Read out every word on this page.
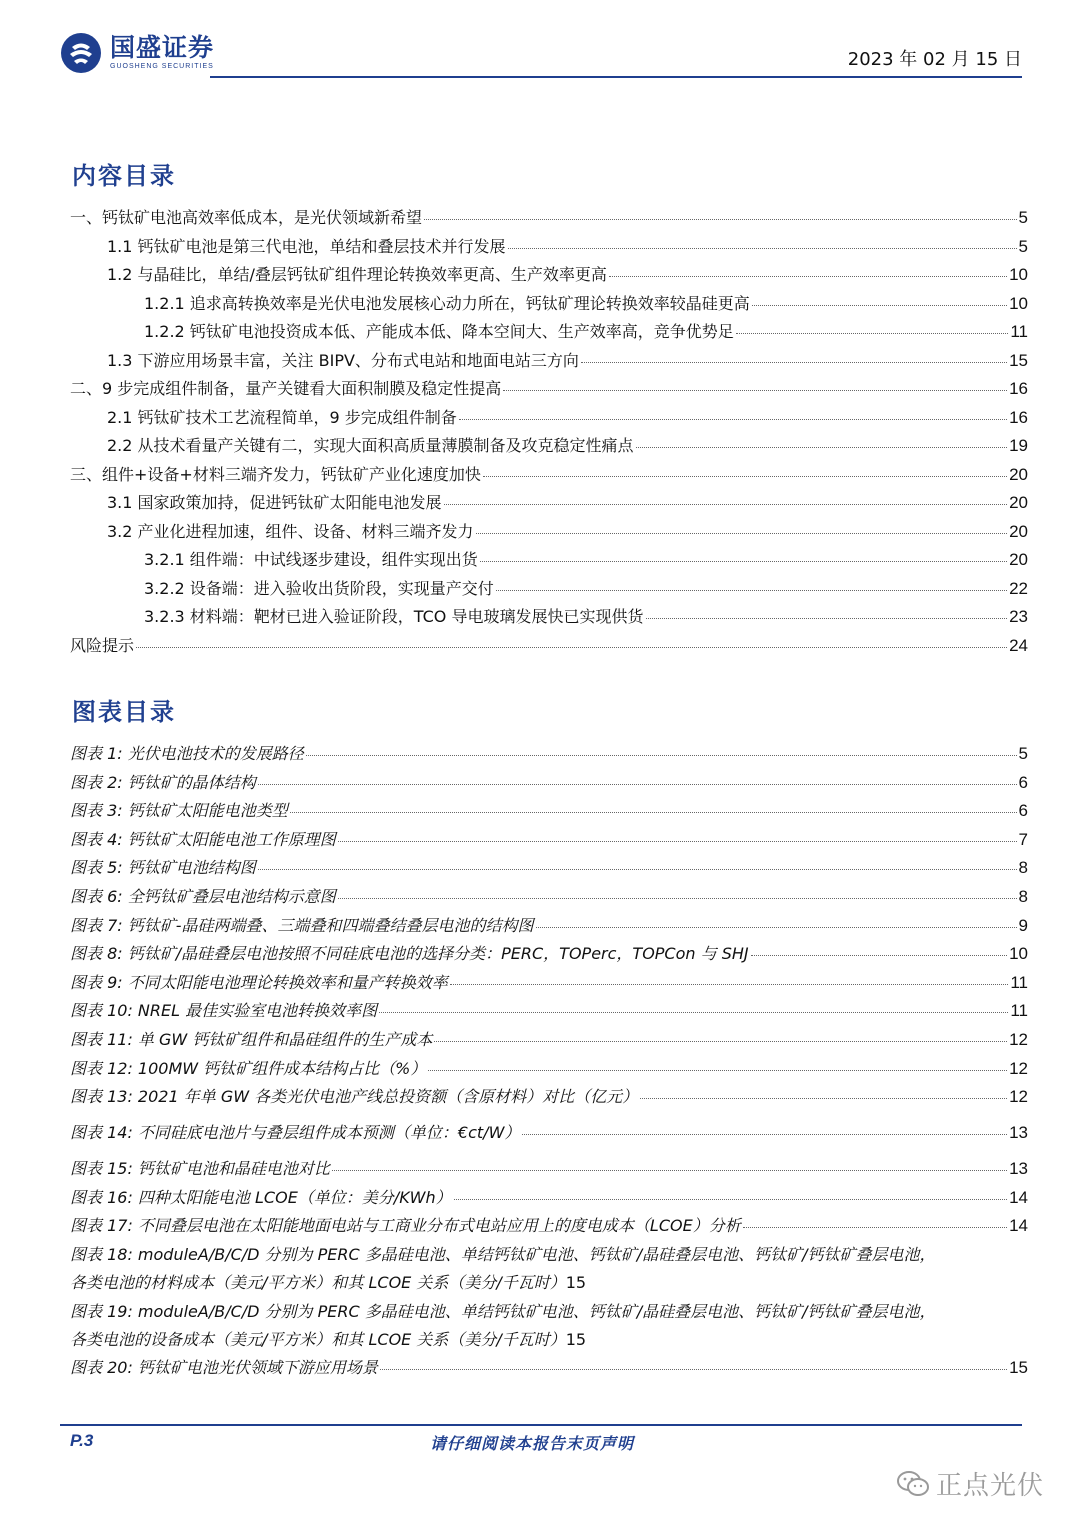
国盛证券
GUOSHENG SECURITIES	2023 年 02 月 15 日
内容目录
一、钙钛矿电池高效率低成本，是光伏领域新希望	5
1.1 钙钛矿电池是第三代电池，单结和叠层技术并行发展	5
1.2 与晶硅比，单结/叠层钙钛矿组件理论转换效率更高、生产效率更高	10
1.2.1 追求高转换效率是光伏电池发展核心动力所在，钙钛矿理论转换效率较晶硅更高	10
1.2.2 钙钛矿电池投资成本低、产能成本低、降本空间大、生产效率高，竞争优势足	11
1.3 下游应用场景丰富，关注 BIPV、分布式电站和地面电站三方向	15
二、9 步完成组件制备，量产关键看大面积制膜及稳定性提高	16
2.1 钙钛矿技术工艺流程简单，9 步完成组件制备	16
2.2 从技术看量产关键有二，实现大面积高质量薄膜制备及攻克稳定性痛点	19
三、组件+设备+材料三端齐发力，钙钛矿产业化速度加快	20
3.1 国家政策加持，促进钙钛矿太阳能电池发展	20
3.2 产业化进程加速，组件、设备、材料三端齐发力	20
3.2.1 组件端：中试线逐步建设，组件实现出货	20
3.2.2 设备端：进入验收出货阶段，实现量产交付	22
3.2.3 材料端：靶材已进入验证阶段，TCO 导电玻璃发展快已实现供货	23
风险提示	24
图表目录
图表 1: 光伏电池技术的发展路径	5
图表 2: 钙钛矿的晶体结构	6
图表 3: 钙钛矿太阳能电池类型	6
图表 4: 钙钛矿太阳能电池工作原理图	7
图表 5: 钙钛矿电池结构图	8
图表 6: 全钙钛矿叠层电池结构示意图	8
图表 7: 钙钛矿-晶硅两端叠、三端叠和四端叠结叠层电池的结构图	9
图表 8: 钙钛矿/晶硅叠层电池按照不同硅底电池的选择分类：PERC，TOPerc，TOPCon 与 SHJ	10
图表 9: 不同太阳能电池理论转换效率和量产转换效率	11
图表 10: NREL 最佳实验室电池转换效率图	11
图表 11: 单 GW 钙钛矿组件和晶硅组件的生产成本	12
图表 12: 100MW 钙钛矿组件成本结构占比（%）	12
图表 13: 2021 年单 GW 各类光伏电池产线总投资额（含原材料）对比（亿元）	12
图表 14: 不同硅底电池片与叠层组件成本预测（单位：€ct/W）	13
图表 15: 钙钛矿电池和晶硅电池对比	13
图表 16: 四种太阳能电池 LCOE（单位：美分/KWh）	14
图表 17: 不同叠层电池在太阳能地面电站与工商业分布式电站应用上的度电成本（LCOE）分析	14
图表 18: moduleA/B/C/D 分别为 PERC 多晶硅电池、单结钙钛矿电池、钙钛矿/晶硅叠层电池、钙钛矿/钙钛矿叠层电池，
各类电池的材料成本（美元/平方米）和其 LCOE 关系（美分/千瓦时） 15
图表 19: moduleA/B/C/D 分别为 PERC 多晶硅电池、单结钙钛矿电池、钙钛矿/晶硅叠层电池、钙钛矿/钙钛矿叠层电池，
各类电池的设备成本（美元/平方米）和其 LCOE 关系（美分/千瓦时） 15
图表 20: 钙钛矿电池光伏领域下游应用场景	15
P.3	请仔细阅读本报告末页声明
正点光伏
